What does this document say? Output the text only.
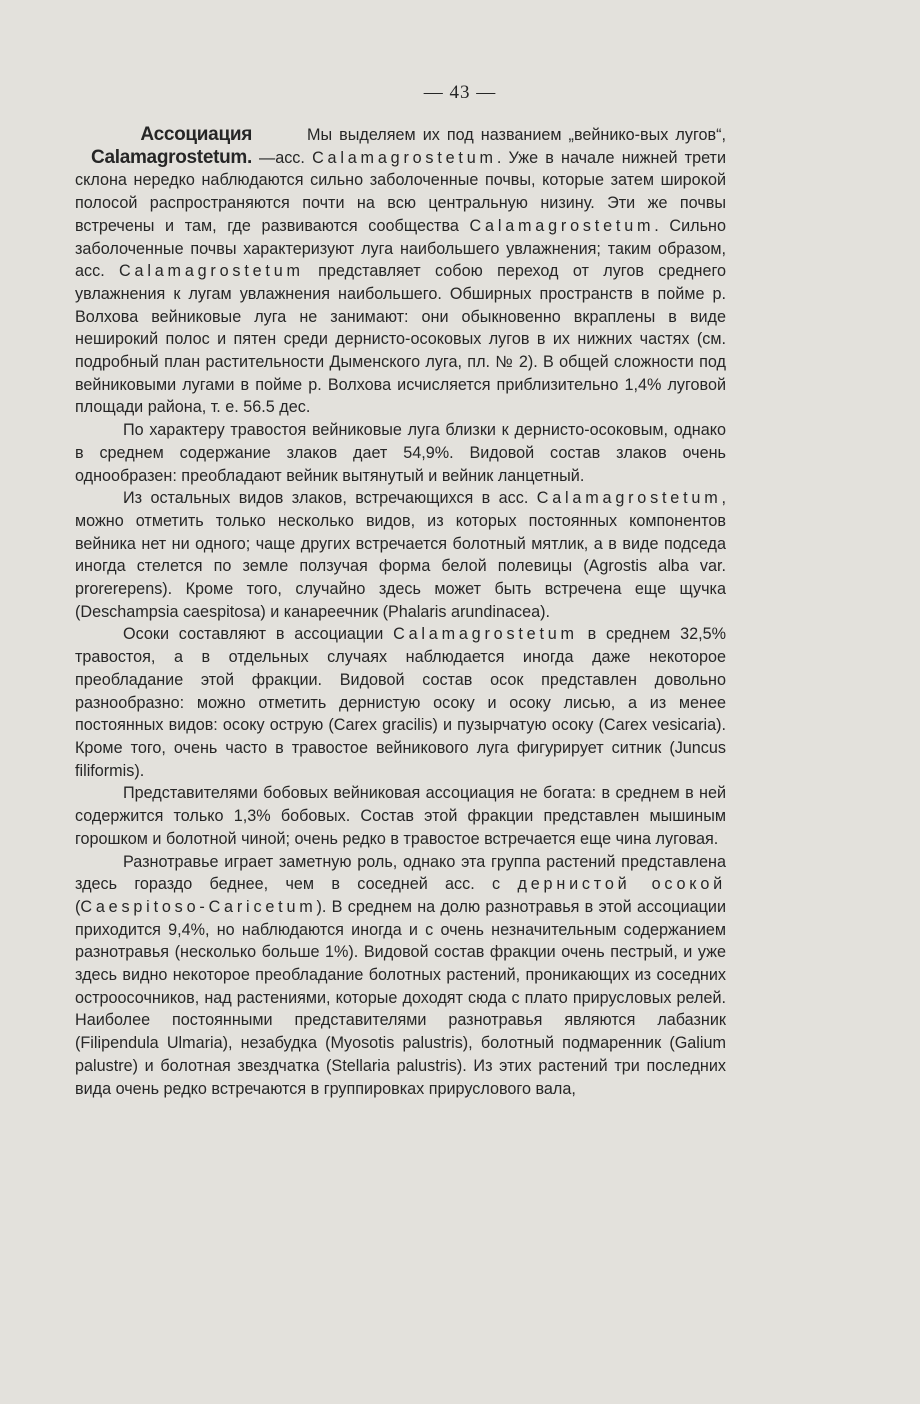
— 43 —
Ассоциация
Calamagrostetum.

Мы выделяем их под названием „вейнико-вых лугов“,—асс. Calamagrostetum. Уже в начале нижней трети склона нередко наблюдаются сильно заболоченные почвы, которые затем широкой полосой распространяются почти на всю центральную низину. Эти же почвы встречены и там, где развиваются сообщества Calamagrostetum. Сильно заболоченные почвы характеризуют луга наибольшего увлажнения; таким образом, асс. Calamagrostetum представляет собою переход от лугов среднего увлажнения к лугам увлажнения наибольшего. Обширных пространств в пойме р. Волхова вейниковые луга не занимают: они обыкновенно вкраплены в виде неширокий полос и пятен среди дернисто-осоковых лугов в их нижних частях (см. подробный план растительности Дыменского луга, пл. № 2). В общей сложности под вейниковыми лугами в пойме р. Волхова исчисляется приблизительно 1,4% луговой площади района, т. е. 56.5 дес.

По характеру травостоя вейниковые луга близки к дернисто-осоковым, однако в среднем содержание злаков дает 54,9%. Видовой состав злаков очень однообразен: преобладают вейник вытянутый и вейник ланцетный.

Из остальных видов злаков, встречающихся в асс. Calamagrostetum, можно отметить только несколько видов, из которых постоянных компонентов вейника нет ни одного; чаще других встречается болотный мятлик, а в виде подседа иногда стелется по земле ползучая форма белой полевицы (Agrostis alba var. prorerepens). Кроме того, случайно здесь может быть встречена еще щучка (Deschampsia caespitosa) и канареечник (Phalaris arundinacea).

Осоки составляют в ассоциации Calamagrostetum в среднем 32,5% травостоя, а в отдельных случаях наблюдается иногда даже некоторое преобладание этой фракции. Видовой состав осок представлен довольно разнообразно: можно отметить дернистую осоку и осоку лисью, а из менее постоянных видов: осоку острую (Carex gracilis) и пузырчатую осоку (Carex vesicaria). Кроме того, очень часто в травостое вейникового луга фигурирует ситник (Juncus filiformis).

Представителями бобовых вейниковая ассоциация не богата: в среднем в ней содержится только 1,3% бобовых. Состав этой фракции представлен мышиным горошком и болотной чиной; очень редко в травостое встречается еще чина луговая.

Разнотравье играет заметную роль, однако эта группа растений представлена здесь гораздо беднее, чем в соседней асс. с дернистой осокой (Caespitoso-Caricetum). В среднем на долю разнотравья в этой ассоциации приходится 9,4%, но наблюдаются иногда и с очень незначительным содержанием разнотравья (несколько больше 1%). Видовой состав фракции очень пестрый, и уже здесь видно некоторое преобладание болотных растений, проникающих из соседних остроосочников, над растениями, которые доходят сюда с плато прирусловых релей. Наиболее постоянными представителями разнотравья являются лабазник (Filipendula Ulmaria), незабудка (Myosotis palustris), болотный подмаренник (Galium palustre) и болотная звездчатка (Stellaria palustris). Из этих растений три последних вида очень редко встречаются в группировках прируслового вала,
